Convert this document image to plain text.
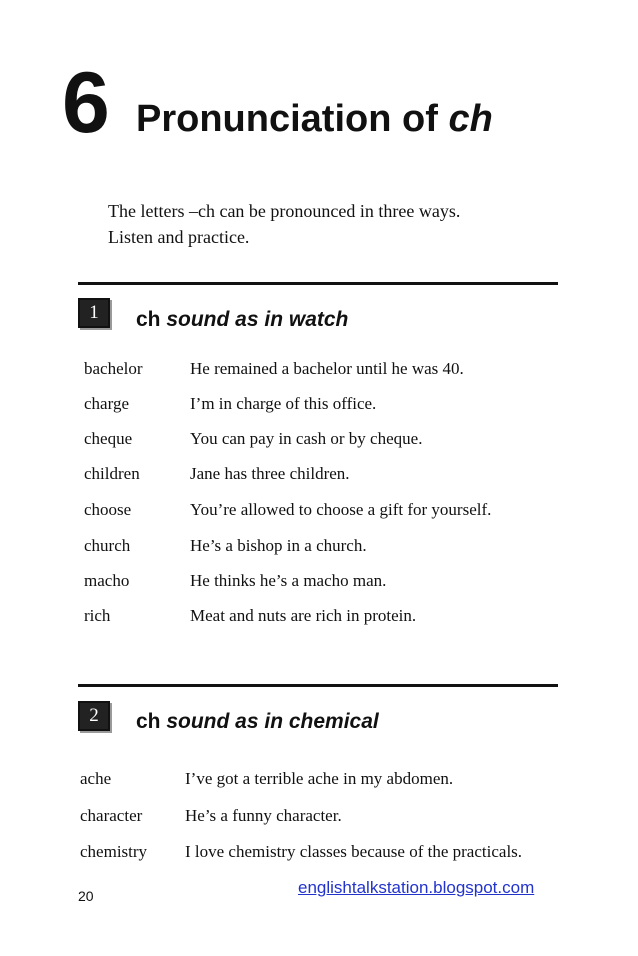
6 Pronunciation of ch
The letters –ch can be pronounced in three ways.
Listen and practice.
1	ch sound as in watch
bachelor	He remained a bachelor until he was 40.
charge	I’m in charge of this office.
cheque	You can pay in cash or by cheque.
children	Jane has three children.
choose	You’re allowed to choose a gift for yourself.
church	He’s a bishop in a church.
macho	He thinks he’s a macho man.
rich	Meat and nuts are rich in protein.
2	ch sound as in chemical
ache	I’ve got a terrible ache in my abdomen.
character	He’s a funny character.
chemistry I love chemistry classes because of the practicals.
20	englishtalkstation.blogspot.com
